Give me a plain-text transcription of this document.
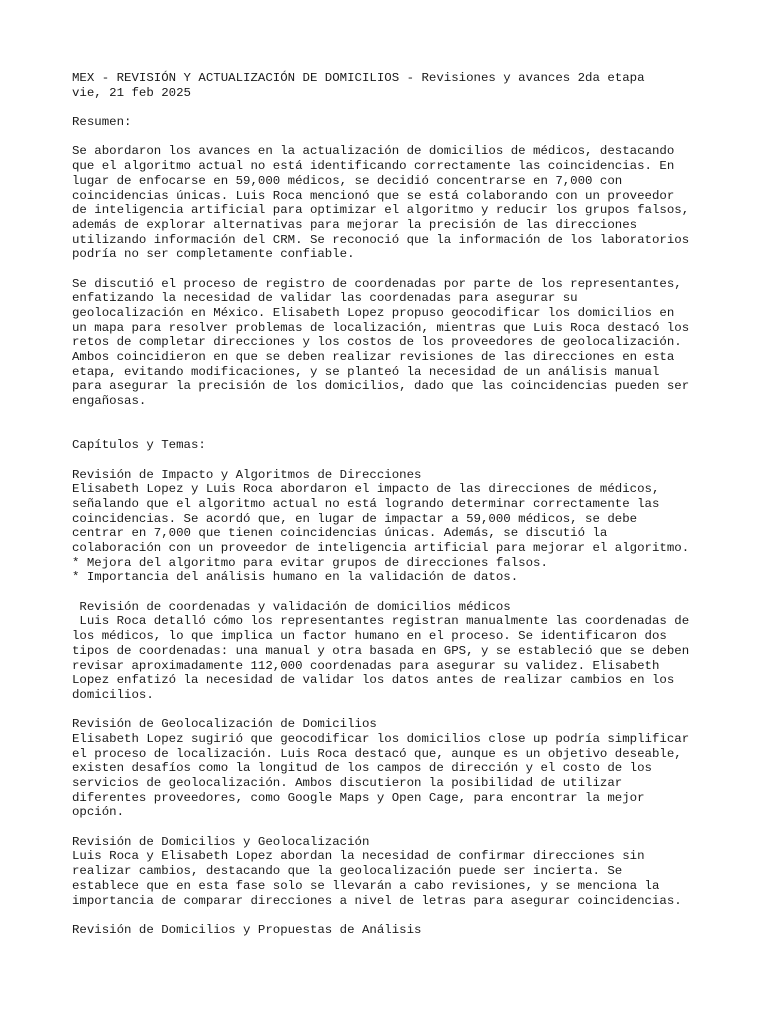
MEX - REVISIÓN Y ACTUALIZACIÓN DE DOMICILIOS - Revisiones y avances 2da etapa
vie, 21 feb 2025
Resumen:
Se abordaron los avances en la actualización de domicilios de médicos, destacando
que el algoritmo actual no está identificando correctamente las coincidencias. En
lugar de enfocarse en 59,000 médicos, se decidió concentrarse en 7,000 con
coincidencias únicas. Luis Roca mencionó que se está colaborando con un proveedor
de inteligencia artificial para optimizar el algoritmo y reducir los grupos falsos,
además de explorar alternativas para mejorar la precisión de las direcciones
utilizando información del CRM. Se reconoció que la información de los laboratorios
podría no ser completamente confiable.
Se discutió el proceso de registro de coordenadas por parte de los representantes,
enfatizando la necesidad de validar las coordenadas para asegurar su
geolocalización en México. Elisabeth Lopez propuso geocodificar los domicilios en
un mapa para resolver problemas de localización, mientras que Luis Roca destacó los
retos de completar direcciones y los costos de los proveedores de geolocalización.
Ambos coincidieron en que se deben realizar revisiones de las direcciones en esta
etapa, evitando modificaciones, y se planteó la necesidad de un análisis manual
para asegurar la precisión de los domicilios, dado que las coincidencias pueden ser
engañosas.
Capítulos y Temas:
Revisión de Impacto y Algoritmos de Direcciones
Elisabeth Lopez y Luis Roca abordaron el impacto de las direcciones de médicos,
señalando que el algoritmo actual no está logrando determinar correctamente las
coincidencias. Se acordó que, en lugar de impactar a 59,000 médicos, se debe
centrar en 7,000 que tienen coincidencias únicas. Además, se discutió la
colaboración con un proveedor de inteligencia artificial para mejorar el algoritmo.
* Mejora del algoritmo para evitar grupos de direcciones falsos.
* Importancia del análisis humano en la validación de datos.
Revisión de coordenadas y validación de domicilios médicos
Luis Roca detalló cómo los representantes registran manualmente las coordenadas de
los médicos, lo que implica un factor humano en el proceso. Se identificaron dos
tipos de coordenadas: una manual y otra basada en GPS, y se estableció que se deben
revisar aproximadamente 112,000 coordenadas para asegurar su validez. Elisabeth
Lopez enfatizó la necesidad de validar los datos antes de realizar cambios en los
domicilios.
Revisión de Geolocalización de Domicilios
Elisabeth Lopez sugirió que geocodificar los domicilios close up podría simplificar
el proceso de localización. Luis Roca destacó que, aunque es un objetivo deseable,
existen desafíos como la longitud de los campos de dirección y el costo de los
servicios de geolocalización. Ambos discutieron la posibilidad de utilizar
diferentes proveedores, como Google Maps y Open Cage, para encontrar la mejor
opción.
Revisión de Domicilios y Geolocalización
Luis Roca y Elisabeth Lopez abordan la necesidad de confirmar direcciones sin
realizar cambios, destacando que la geolocalización puede ser incierta. Se
establece que en esta fase solo se llevarán a cabo revisiones, y se menciona la
importancia de comparar direcciones a nivel de letras para asegurar coincidencias.
Revisión de Domicilios y Propuestas de Análisis
